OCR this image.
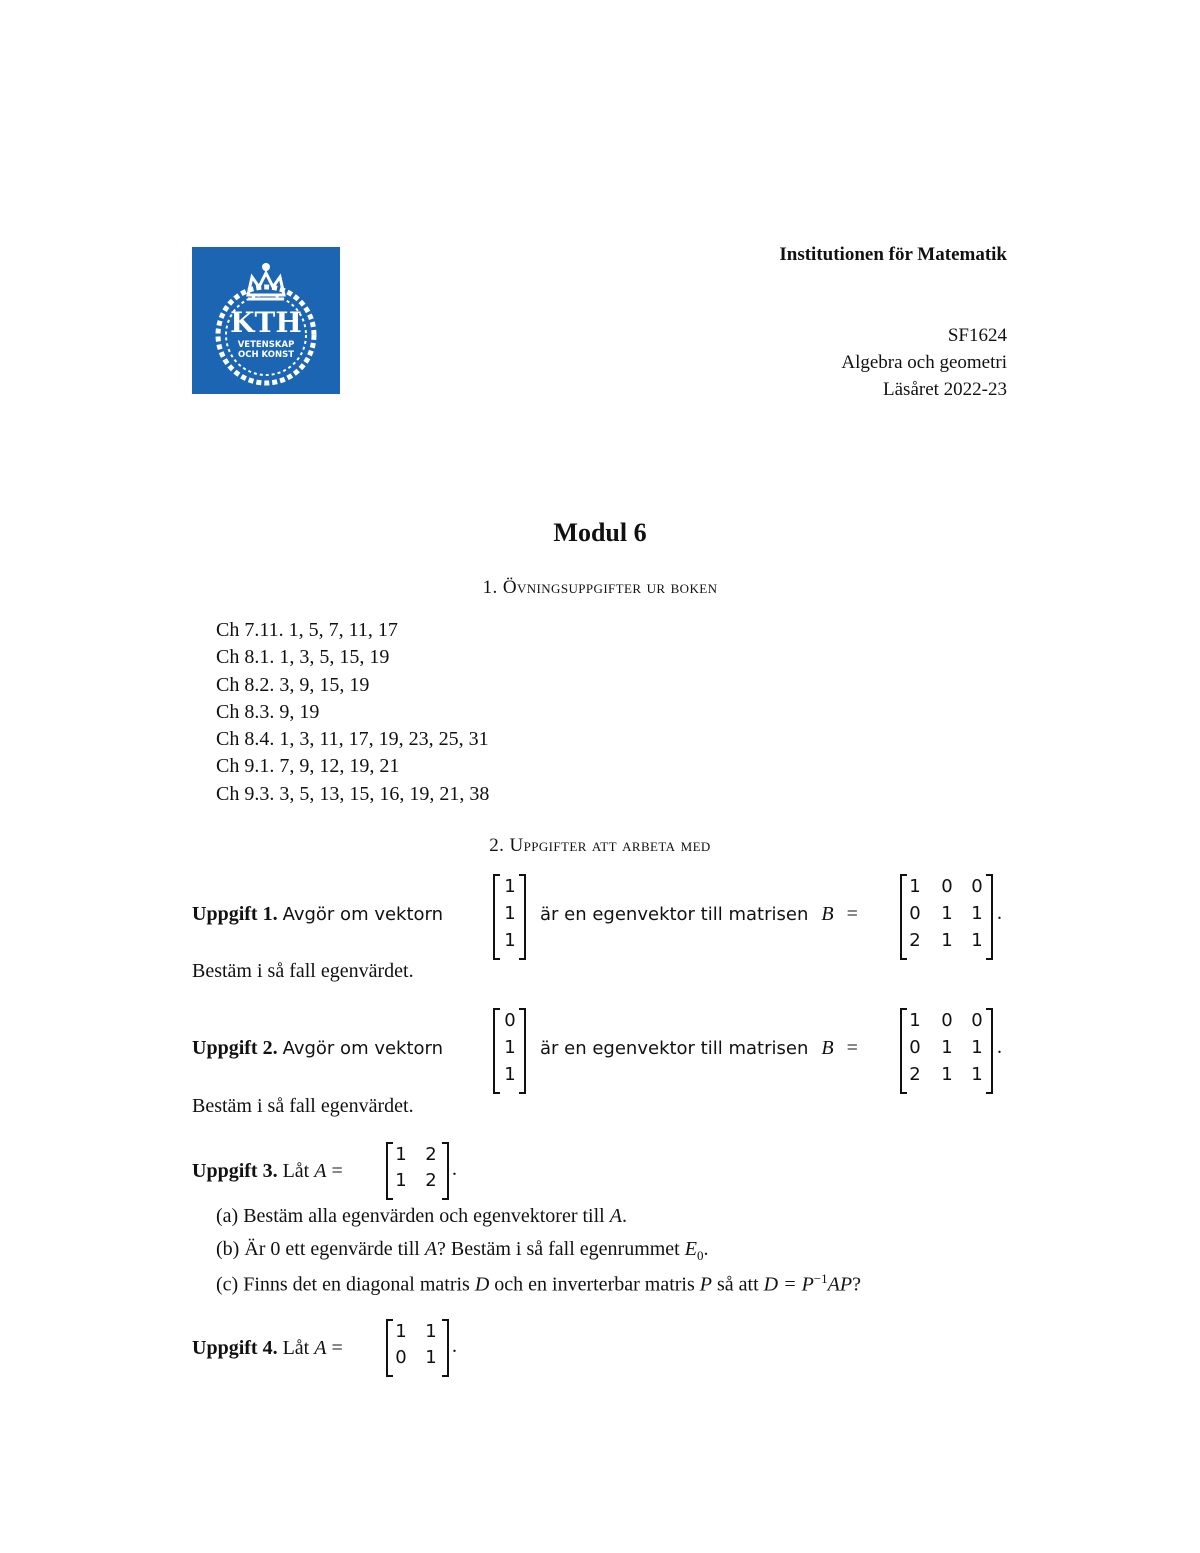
KTH
VETENSKAP
OCH KONST
Institutionen för Matematik
SF1624
Algebra och geometri
Läsåret 2022-23
Modul 6
1. Övningsuppgifter ur boken
Ch 7.11. 1, 5, 7, 11, 17
Ch 8.1. 1, 3, 5, 15, 19
Ch 8.2. 3, 9, 15, 19
Ch 8.3. 9, 19
Ch 8.4. 1, 3, 11, 17, 19, 23, 25, 31
Ch 9.1. 7, 9, 12, 19, 21
Ch 9.3. 3, 5, 13, 15, 16, 19, 21, 38
2. Uppgifter att arbeta med
Uppgift 1. Avgör om vektorn
1
1
1
är en egenvektor till matrisen B =
1 0 0
0 1 1
2 1 1
.
Bestäm i så fall egenvärdet.
Uppgift 2. Avgör om vektorn
0
1
1
är en egenvektor till matrisen B =
1 0 0
0 1 1
2 1 1
.
Bestäm i så fall egenvärdet.
Uppgift 3. Låt A =
1 2
1 2
.
(a) Bestäm alla egenvärden och egenvektorer till A.
(b) Är 0 ett egenvärde till A? Bestäm i så fall egenrummet $E_0$.
(c) Finns det en diagonal matris D och en inverterbar matris P så att $D = P^{-1}AP$?
Uppgift 4. Låt A =
1 1
0 1
.
